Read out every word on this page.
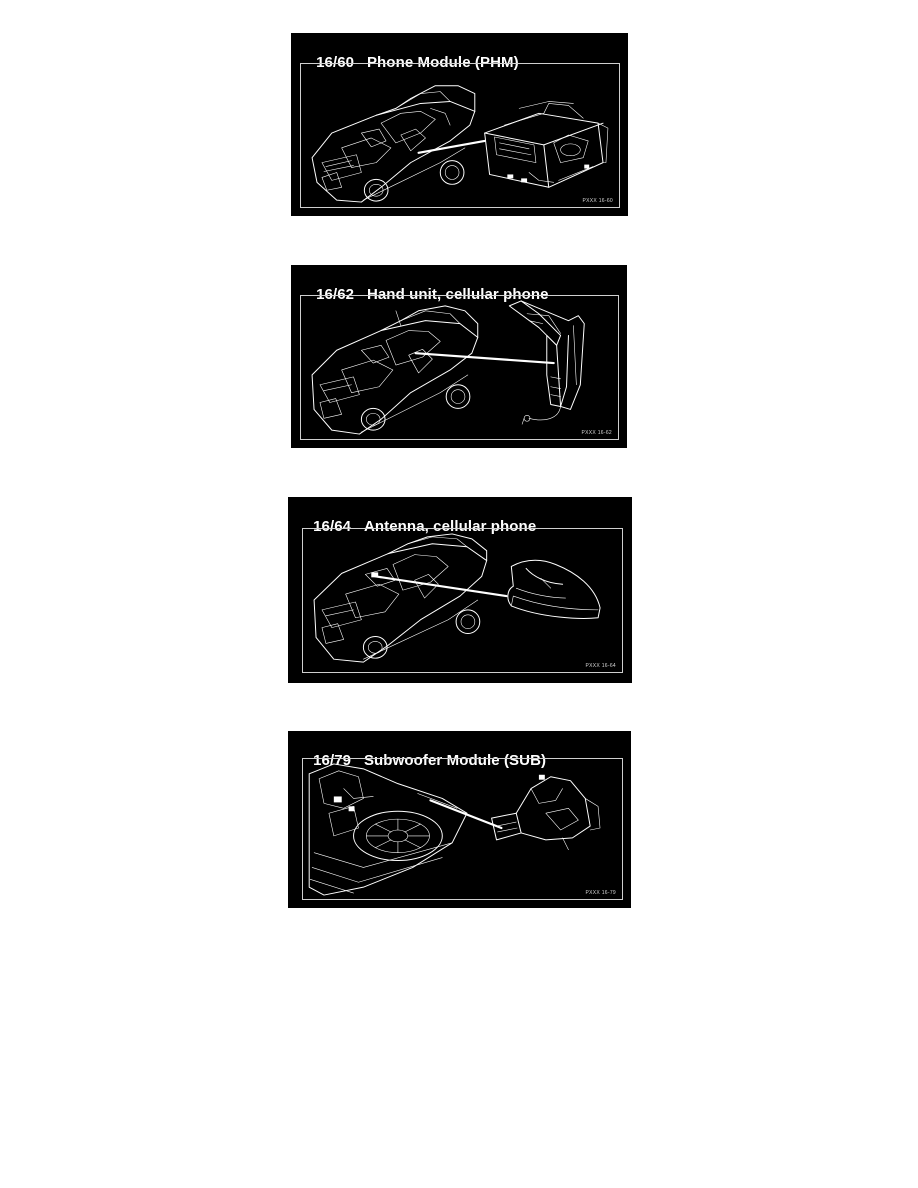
16/60 Phone Module (PHM)

PXXX 16-60

16/62 Hand unit, cellular phone

PXXX 16-62

16/64 Antenna, cellular phone

PXXX 16-64

16/79 Subwoofer Module (SUB)

PXXX 16-79
